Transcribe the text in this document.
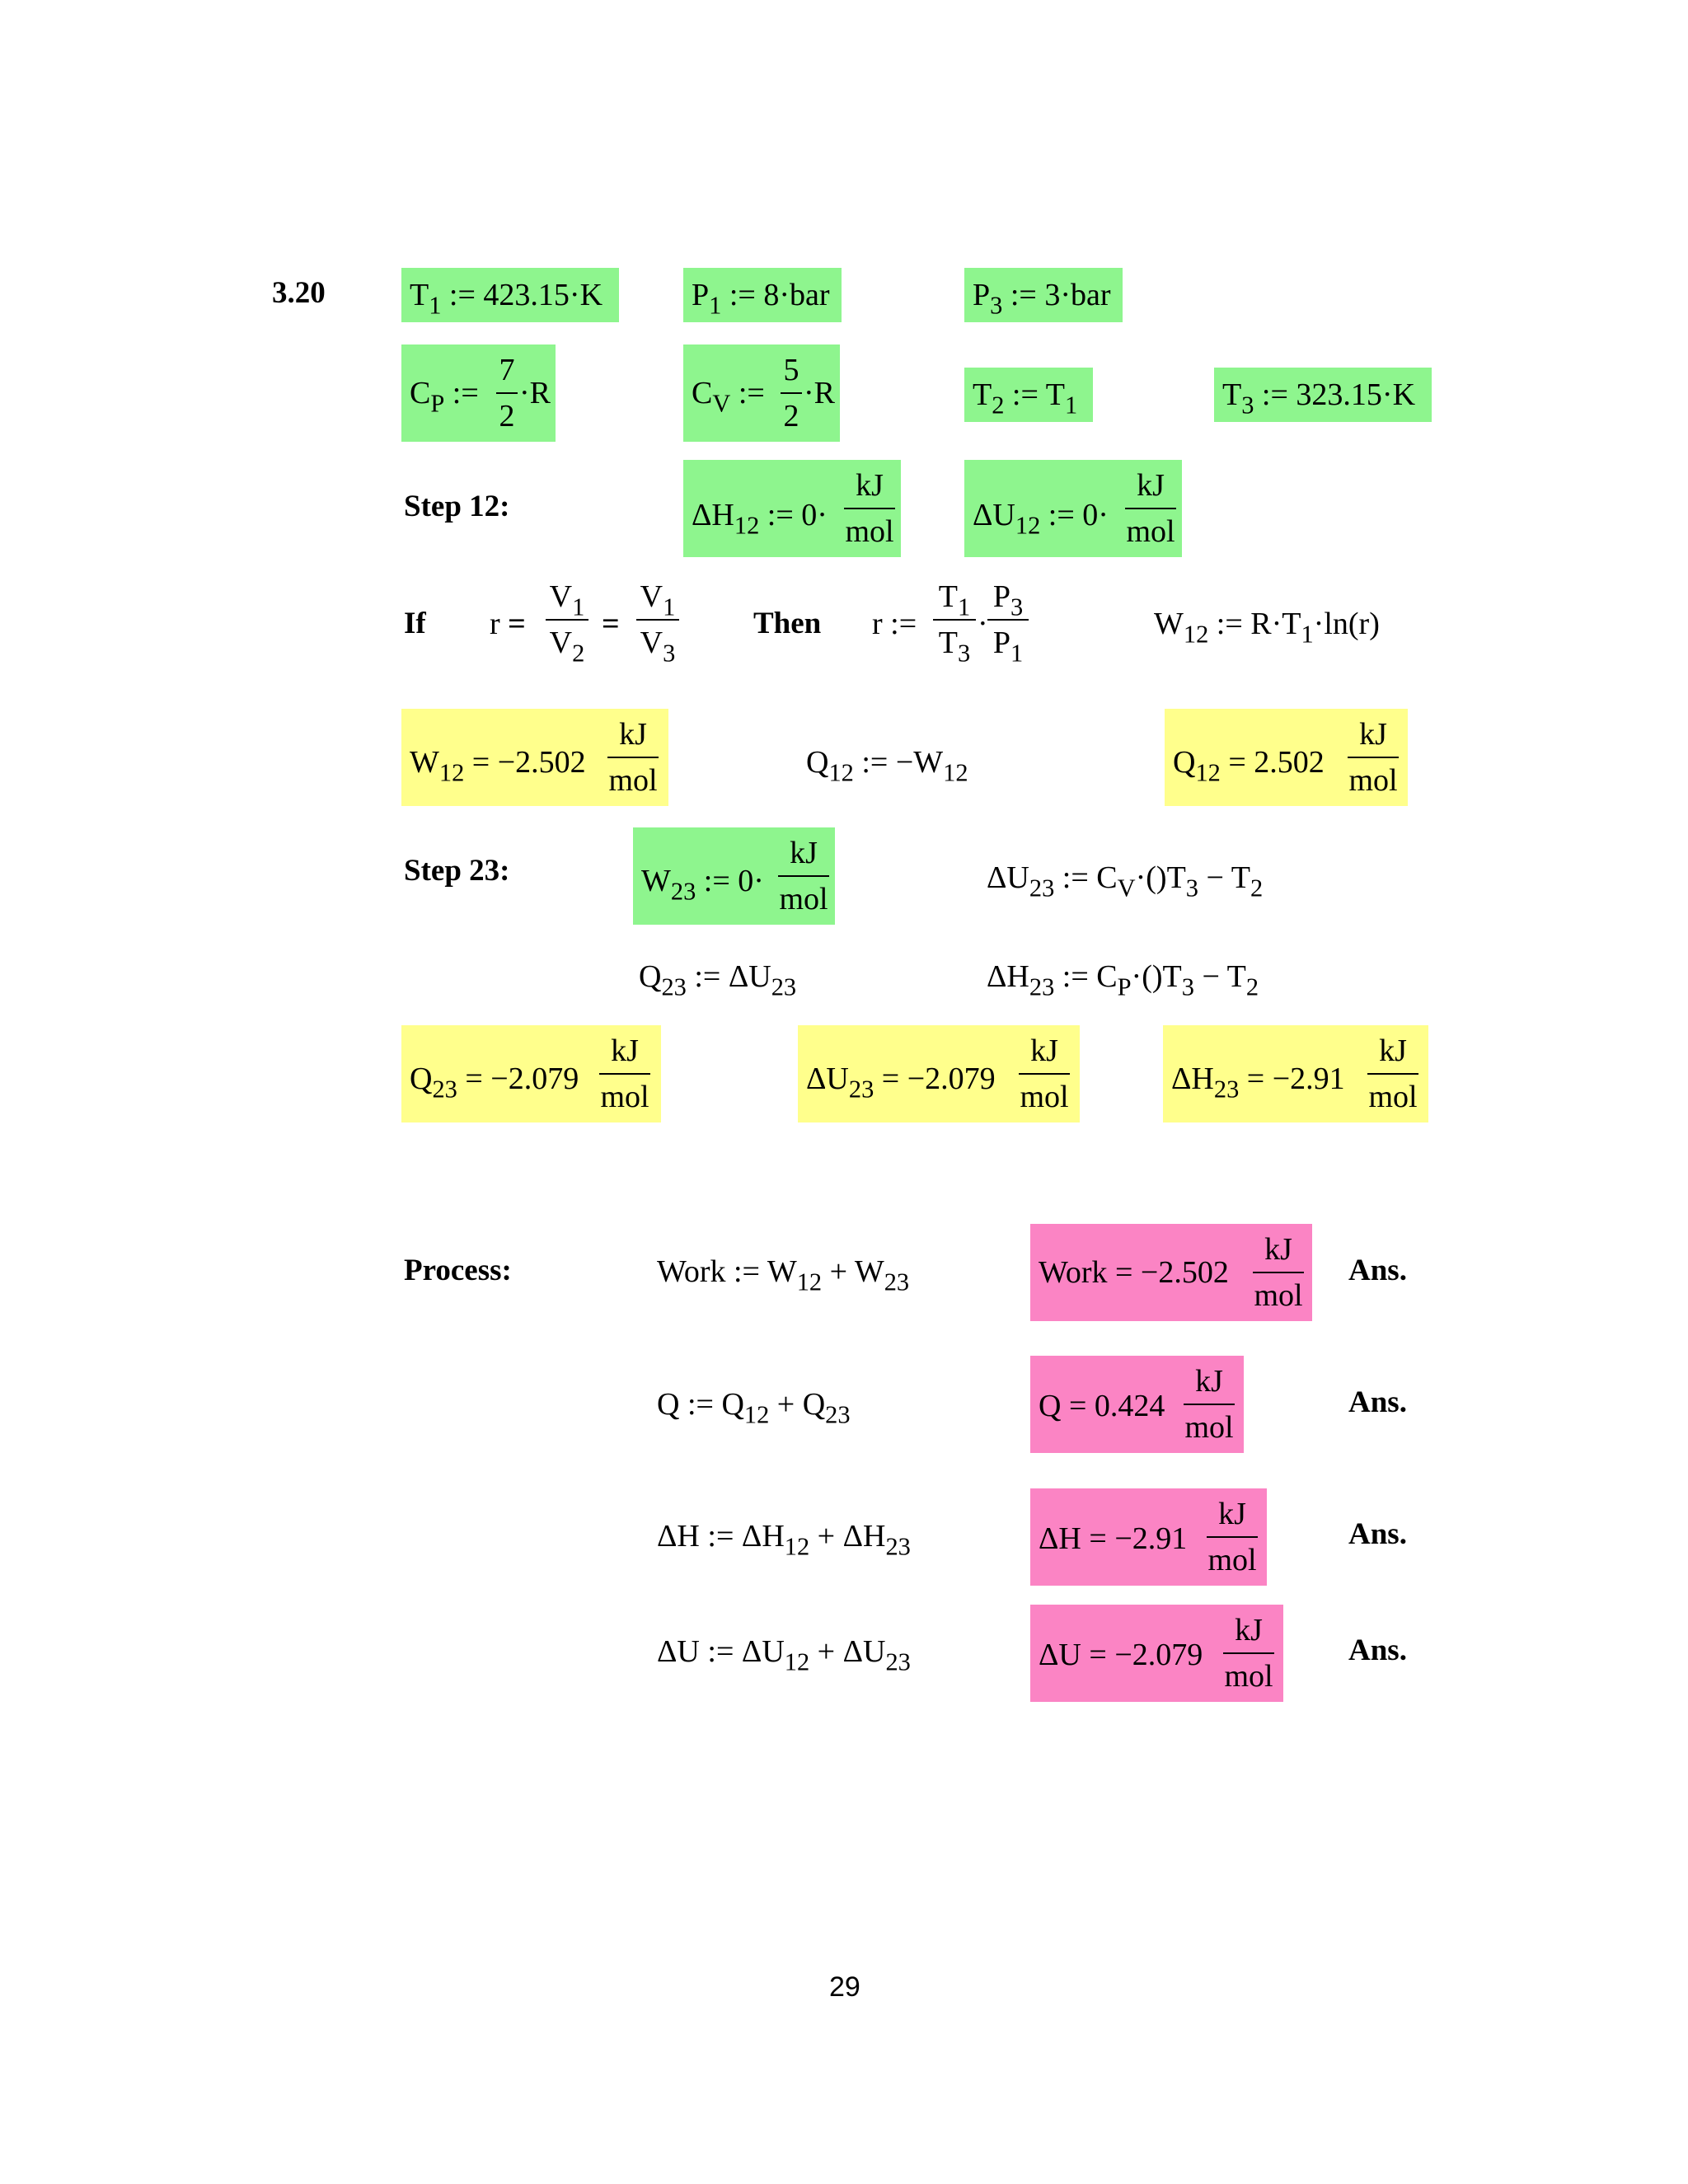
3.20	$T_1$ := 423.15·K	$P_1$ := 8·bar	$P_3$ := 3·bar
$C_P$ :=
7
2
·R	$C_V$ :=
5
2
·R	$T_2$ := $T_1$	$T_3$ := 323.15·K
Step 12:	$\Delta H_{12}$ := 0·
kJ
mol	$\Delta U_{12}$ := 0·
kJ
mol
If r =
$V_1$
$V_2$
=
$V_1$
$V_3$
Then r :=
$T_1$
$T_3$
·
$P_3$
$P_1$
$W_{12}$ := $R\cdot T_1\cdot\ln(r)$
$W_{12} = -2.502$
kJ
mol
$Q_{12}$ := $-W_{12}$	$Q_{12} = 2.502$
kJ
mol
Step 23:	$W_{23}$ := 0·
kJ
mol
$\Delta U_{23}$ := $C_V\cdot()T_3 - T_2$
$Q_{23}$ := $\Delta U_{23}$	$\Delta H_{23}$ := $C_P\cdot()T_3 - T_2$
$Q_{23} = -2.079$
kJ
mol
$\Delta U_{23} = -2.079$
kJ
mol
$\Delta H_{23} = -2.91$
kJ
mol
Process:	Work := $W_{12} + W_{23}$	Work = −2.502
kJ
mol
Ans.
Q := $Q_{12} + Q_{23}$	Q = 0.424
kJ
mol
Ans.
ΔH := $\Delta H_{12} + \Delta H_{23}$	ΔH = −2.91
kJ
mol
Ans.
ΔU := $\Delta U_{12} + \Delta U_{23}$	ΔU = −2.079
kJ
mol
Ans.
29
